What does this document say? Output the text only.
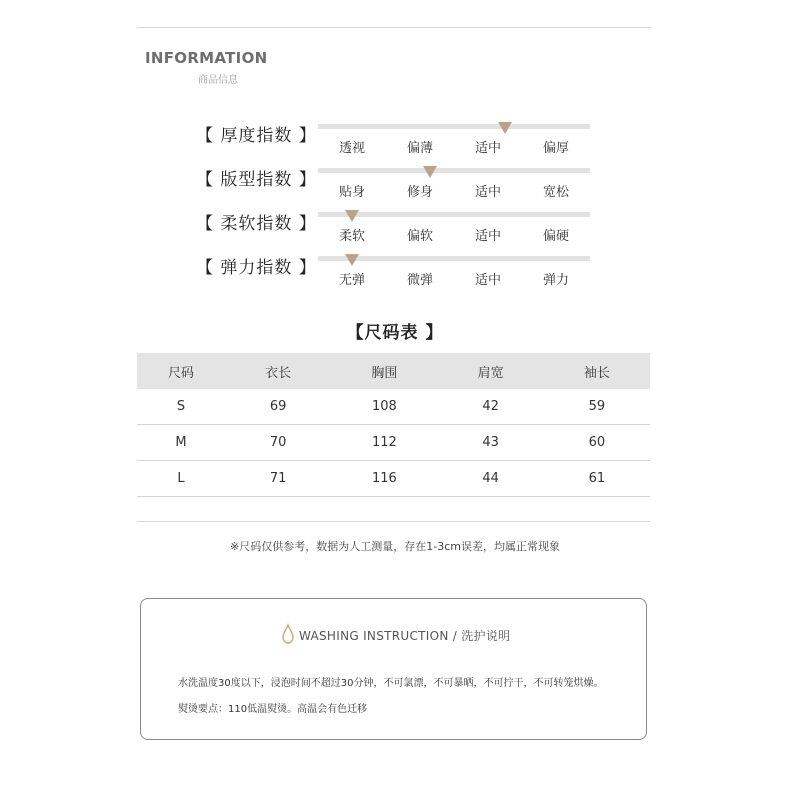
INFORMATION
商品信息
【 厚度指数 】
透视	偏薄	适中	偏厚
【 版型指数 】
贴身	修身	适中	宽松
【 柔软指数 】
柔软	偏软	适中	偏硬
【 弹力指数 】
无弹	微弹	适中	弹力
【尺码表 】
尺码	衣长	胸围	肩宽	袖长
S	69	108	42	59
M	70	112	43	60
L	71	116	44	61
※尺码仅供参考，数据为人工测量，存在1-3cm误差，均属正常现象
WASHING INSTRUCTION / 洗护说明
水洗温度30度以下，浸泡时间不超过30分钟，不可氯漂，不可暴晒，不可拧干，不可转笼烘燥。
熨烫要点：110低温熨烫。高温会有色迁移
